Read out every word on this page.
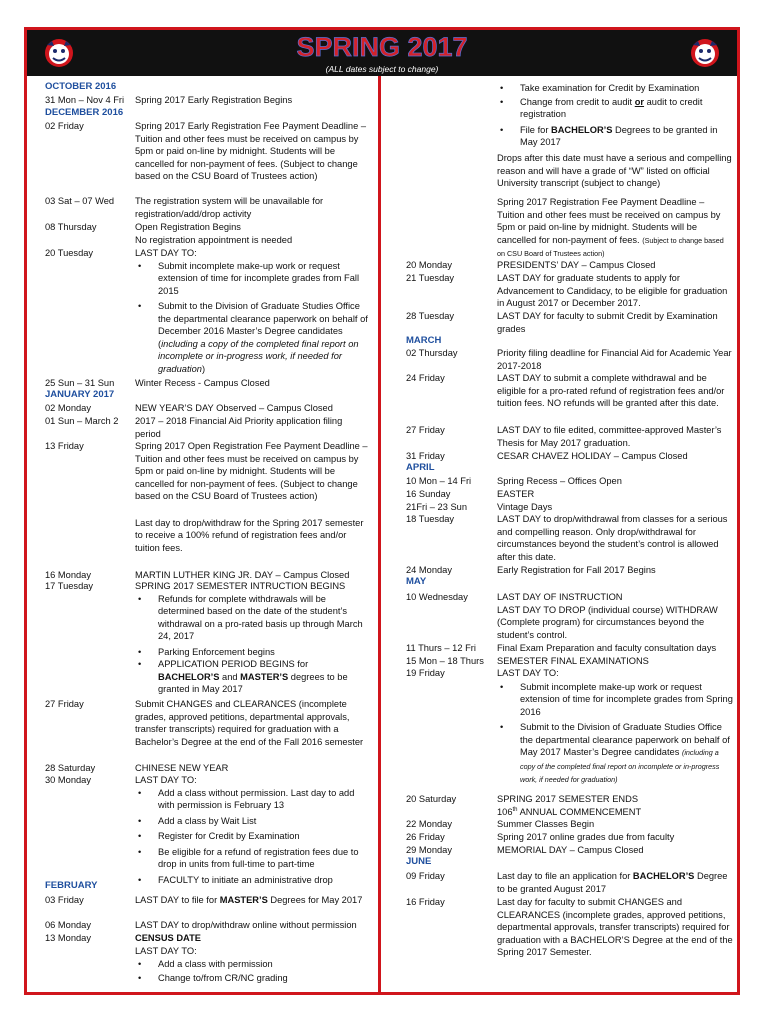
SPRING 2017
(ALL dates subject to change)
OCTOBER 2016
31 Mon – Nov 4 Fri	Spring 2017 Early Registration Begins
DECEMBER 2016
02 Friday	Spring 2017 Early Registration Fee Payment Deadline – Tuition and other fees must be received on campus by 5pm or paid on-line by midnight. Students will be cancelled for non-payment of fees. (Subject to change based on the CSU Board of Trustees action)
03 Sat – 07 Wed	The registration system will be unavailable for registration/add/drop activity
08 Thursday	Open Registration Begins
No registration appointment is needed
20 Tuesday	LAST DAY TO:
• Submit incomplete make-up work or request extension of time for incomplete grades from Fall 2015
• Submit to the Division of Graduate Studies Office the departmental clearance paperwork on behalf of December 2016 Master’s Degree candidates (including a copy of the completed final report on incomplete or in-progress work, if needed for graduation)
25 Sun – 31 Sun	Winter Recess - Campus Closed
JANUARY 2017
02 Monday	NEW YEAR’S DAY Observed – Campus Closed
01 Sun – March 2	2017 – 2018 Financial Aid Priority application filing period
13 Friday	Spring 2017 Open Registration Fee Payment Deadline – Tuition and other fees must be received on campus by 5pm or paid on-line by midnight. Students will be cancelled for non-payment of fees. (Subject to change based on the CSU Board of Trustees action)
Last day to drop/withdraw for the Spring 2017 semester to receive a 100% refund of registration fees and/or tuition fees.
16 Monday	MARTIN LUTHER KING JR. DAY – Campus Closed
17 Tuesday	SPRING 2017 SEMESTER INTRUCTION BEGINS
• Refunds for complete withdrawals will be determined based on the date of the student’s withdrawal on a pro-rated basis up through March 24, 2017
• Parking Enforcement begins
• APPLICATION PERIOD BEGINS for BACHELOR’S and MASTER’S degrees to be granted in May 2017
27 Friday	Submit CHANGES and CLEARANCES (incomplete grades, approved petitions, departmental approvals, transfer transcripts) required for graduation with a Bachelor’s Degree at the end of the Fall 2016 semester
28 Saturday	CHINESE NEW YEAR
30 Monday	LAST DAY TO:
• Add a class without permission. Last day to add with permission is February 13
• Add a class by Wait List
• Register for Credit by Examination
• Be eligible for a refund of registration fees due to drop in units from full-time to part-time
• FACULTY to initiate an administrative drop
FEBRUARY
03 Friday	LAST DAY to file for MASTER’S Degrees for May 2017
06 Monday	LAST DAY to drop/withdraw online without permission
13 Monday	CENSUS DATE
LAST DAY TO:
• Add a class with permission
• Change to/from CR/NC grading
• Take examination for Credit by Examination
• Change from credit to audit or audit to credit registration
• File for BACHELOR’S Degrees to be granted in May 2017
Drops after this date must have a serious and compelling reason and will have a grade of “W” listed on official University transcript (subject to change)
Spring 2017 Registration Fee Payment Deadline – Tuition and other fees must be received on campus by 5pm or paid on-line by midnight. Students will be cancelled for non-payment of fees. (Subject to change based on CSU Board of Trustees action)
20 Monday	PRESIDENTS’ DAY – Campus Closed
21 Tuesday	LAST DAY for graduate students to apply for Advancement to Candidacy, to be eligible for graduation in August 2017 or December 2017.
28 Tuesday	LAST DAY for faculty to submit Credit by Examination grades
MARCH
02 Thursday	Priority filing deadline for Financial Aid for Academic Year 2017-2018
24 Friday	LAST DAY to submit a complete withdrawal and be eligible for a pro-rated refund of registration fees and/or tuition fees. NO refunds will be granted after this date.
27 Friday	LAST DAY to file edited, committee-approved Master’s Thesis for May 2017 graduation.
31 Friday	CESAR CHAVEZ HOLIDAY – Campus Closed
APRIL
10 Mon – 14 Fri	Spring Recess – Offices Open
16 Sunday	EASTER
21Fri – 23 Sun	Vintage Days
18 Tuesday	LAST DAY to drop/withdrawal from classes for a serious and compelling reason. Only drop/withdrawal for circumstances beyond the student’s control is allowed after this date.
24 Monday	Early Registration for Fall 2017 Begins
MAY
10 Wednesday	LAST DAY OF INSTRUCTION
LAST DAY TO DROP (individual course) WITHDRAW (Complete program) for circumstances beyond the student’s control.
11 Thurs – 12 Fri	Final Exam Preparation and faculty consultation days
15 Mon – 18 Thurs	SEMESTER FINAL EXAMINATIONS
19 Friday	LAST DAY TO:
• Submit incomplete make-up work or request extension of time for incomplete grades from Spring 2016
• Submit to the Division of Graduate Studies Office the departmental clearance paperwork on behalf of May 2017 Master’s Degree candidates (including a copy of the completed final report on incomplete or in-progress work, if needed for graduation)
20 Saturday	SPRING 2017 SEMESTER ENDS
106th ANNUAL COMMENCEMENT
22 Monday	Summer Classes Begin
26 Friday	Spring 2017 online grades due from faculty
29 Monday	MEMORIAL DAY – Campus Closed
JUNE
09 Friday	Last day to file an application for BACHELOR’S Degree to be granted August 2017
16 Friday	Last day for faculty to submit CHANGES and CLEARANCES (incomplete grades, approved petitions, departmental approvals, transfer transcripts) required for graduation with a BACHELOR’S Degree at the end of the Spring 2017 Semester.
